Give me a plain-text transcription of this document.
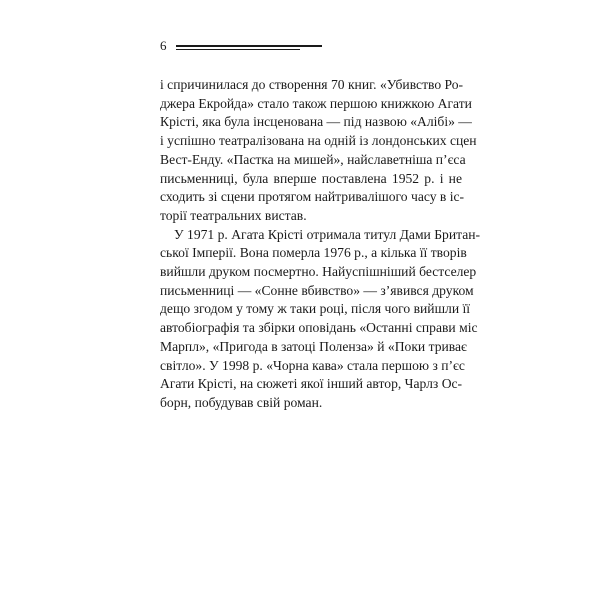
6
і спричинилася до створення 70 книг. «Убивство Ро-
джера Екройда» стало також першою книжкою Агати
Крісті, яка була інсценована — під назвою «Алібі» —
і успішно театралізована на одній із лондонських сцен
Вест-Енду. «Пастка на мишей», найславетніша п’єса
письменниці, була вперше поставлена 1952 р. і не
сходить зі сцени протягом найтривалішого часу в іс-
торії театральних вистав.
У 1971 р. Агата Крісті отримала титул Дами Британ-
ської Імперії. Вона померла 1976 р., а кілька її творів
вийшли друком посмертно. Найуспішніший бестселер
письменниці — «Сонне вбивство» — з’явився друком
дещо згодом у тому ж таки році, після чого вийшли її
автобіографія та збірки оповідань «Останні справи міс
Марпл», «Пригода в затоці Поленза» й «Поки триває
світло». У 1998 р. «Чорна кава» стала першою з п’єс
Агати Крісті, на сюжеті якої інший автор, Чарлз Ос-
борн, побудував свій роман.
